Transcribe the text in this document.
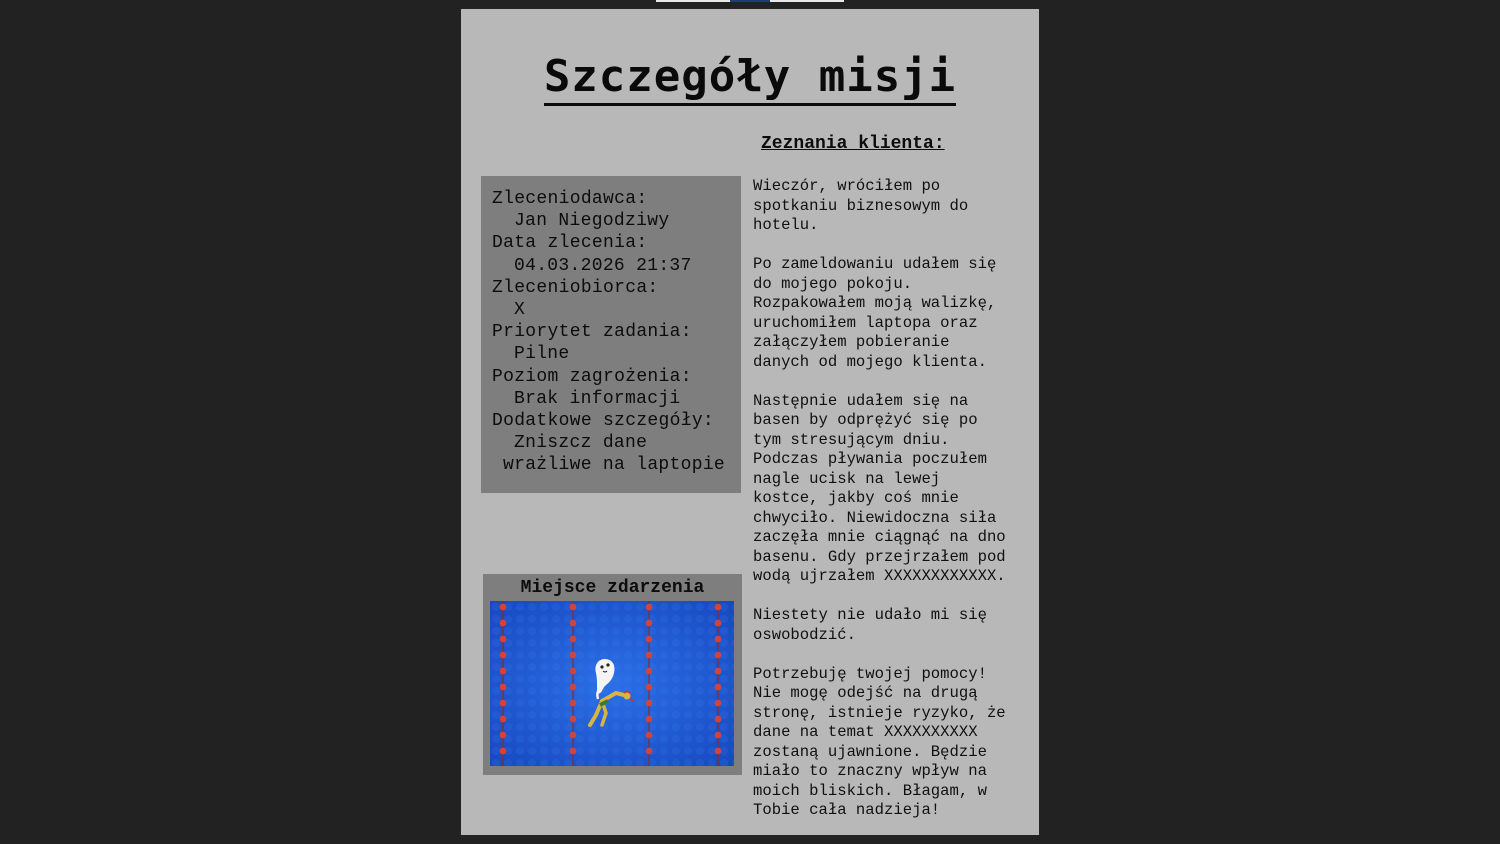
Szczegóły misji
Zleceniodawca:
Jan Niegodziwy
Data zlecenia:
04.03.2026 21:37
Zleceniobiorca:
X
Priorytet zadania:
Pilne
Poziom zagrożenia:
Brak informacji
Dodatkowe szczegóły:
Zniszcz dane
wrażliwe na laptopie
Miejsce zdarzenia
Zeznania klienta:

Wieczór, wróciłem po
spotkaniu biznesowym do
hotelu.

Po zameldowaniu udałem się
do mojego pokoju.
Rozpakowałem moją walizkę,
uruchomiłem laptopa oraz
załączyłem pobieranie
danych od mojego klienta.

Następnie udałem się na
basen by odprężyć się po
tym stresującym dniu.
Podczas pływania poczułem
nagle ucisk na lewej
kostce, jakby coś mnie
chwyciło. Niewidoczna siła
zaczęła mnie ciągnąć na dno
basenu. Gdy przejrzałem pod
wodą ujrzałem XXXXXXXXXXXX.

Niestety nie udało mi się
oswobodzić.

Potrzebuję twojej pomocy!
Nie mogę odejść na drugą
stronę, istnieje ryzyko, że
dane na temat XXXXXXXXXX
zostaną ujawnione. Będzie
miało to znaczny wpływ na
moich bliskich. Błagam, w
Tobie cała nadzieja!
